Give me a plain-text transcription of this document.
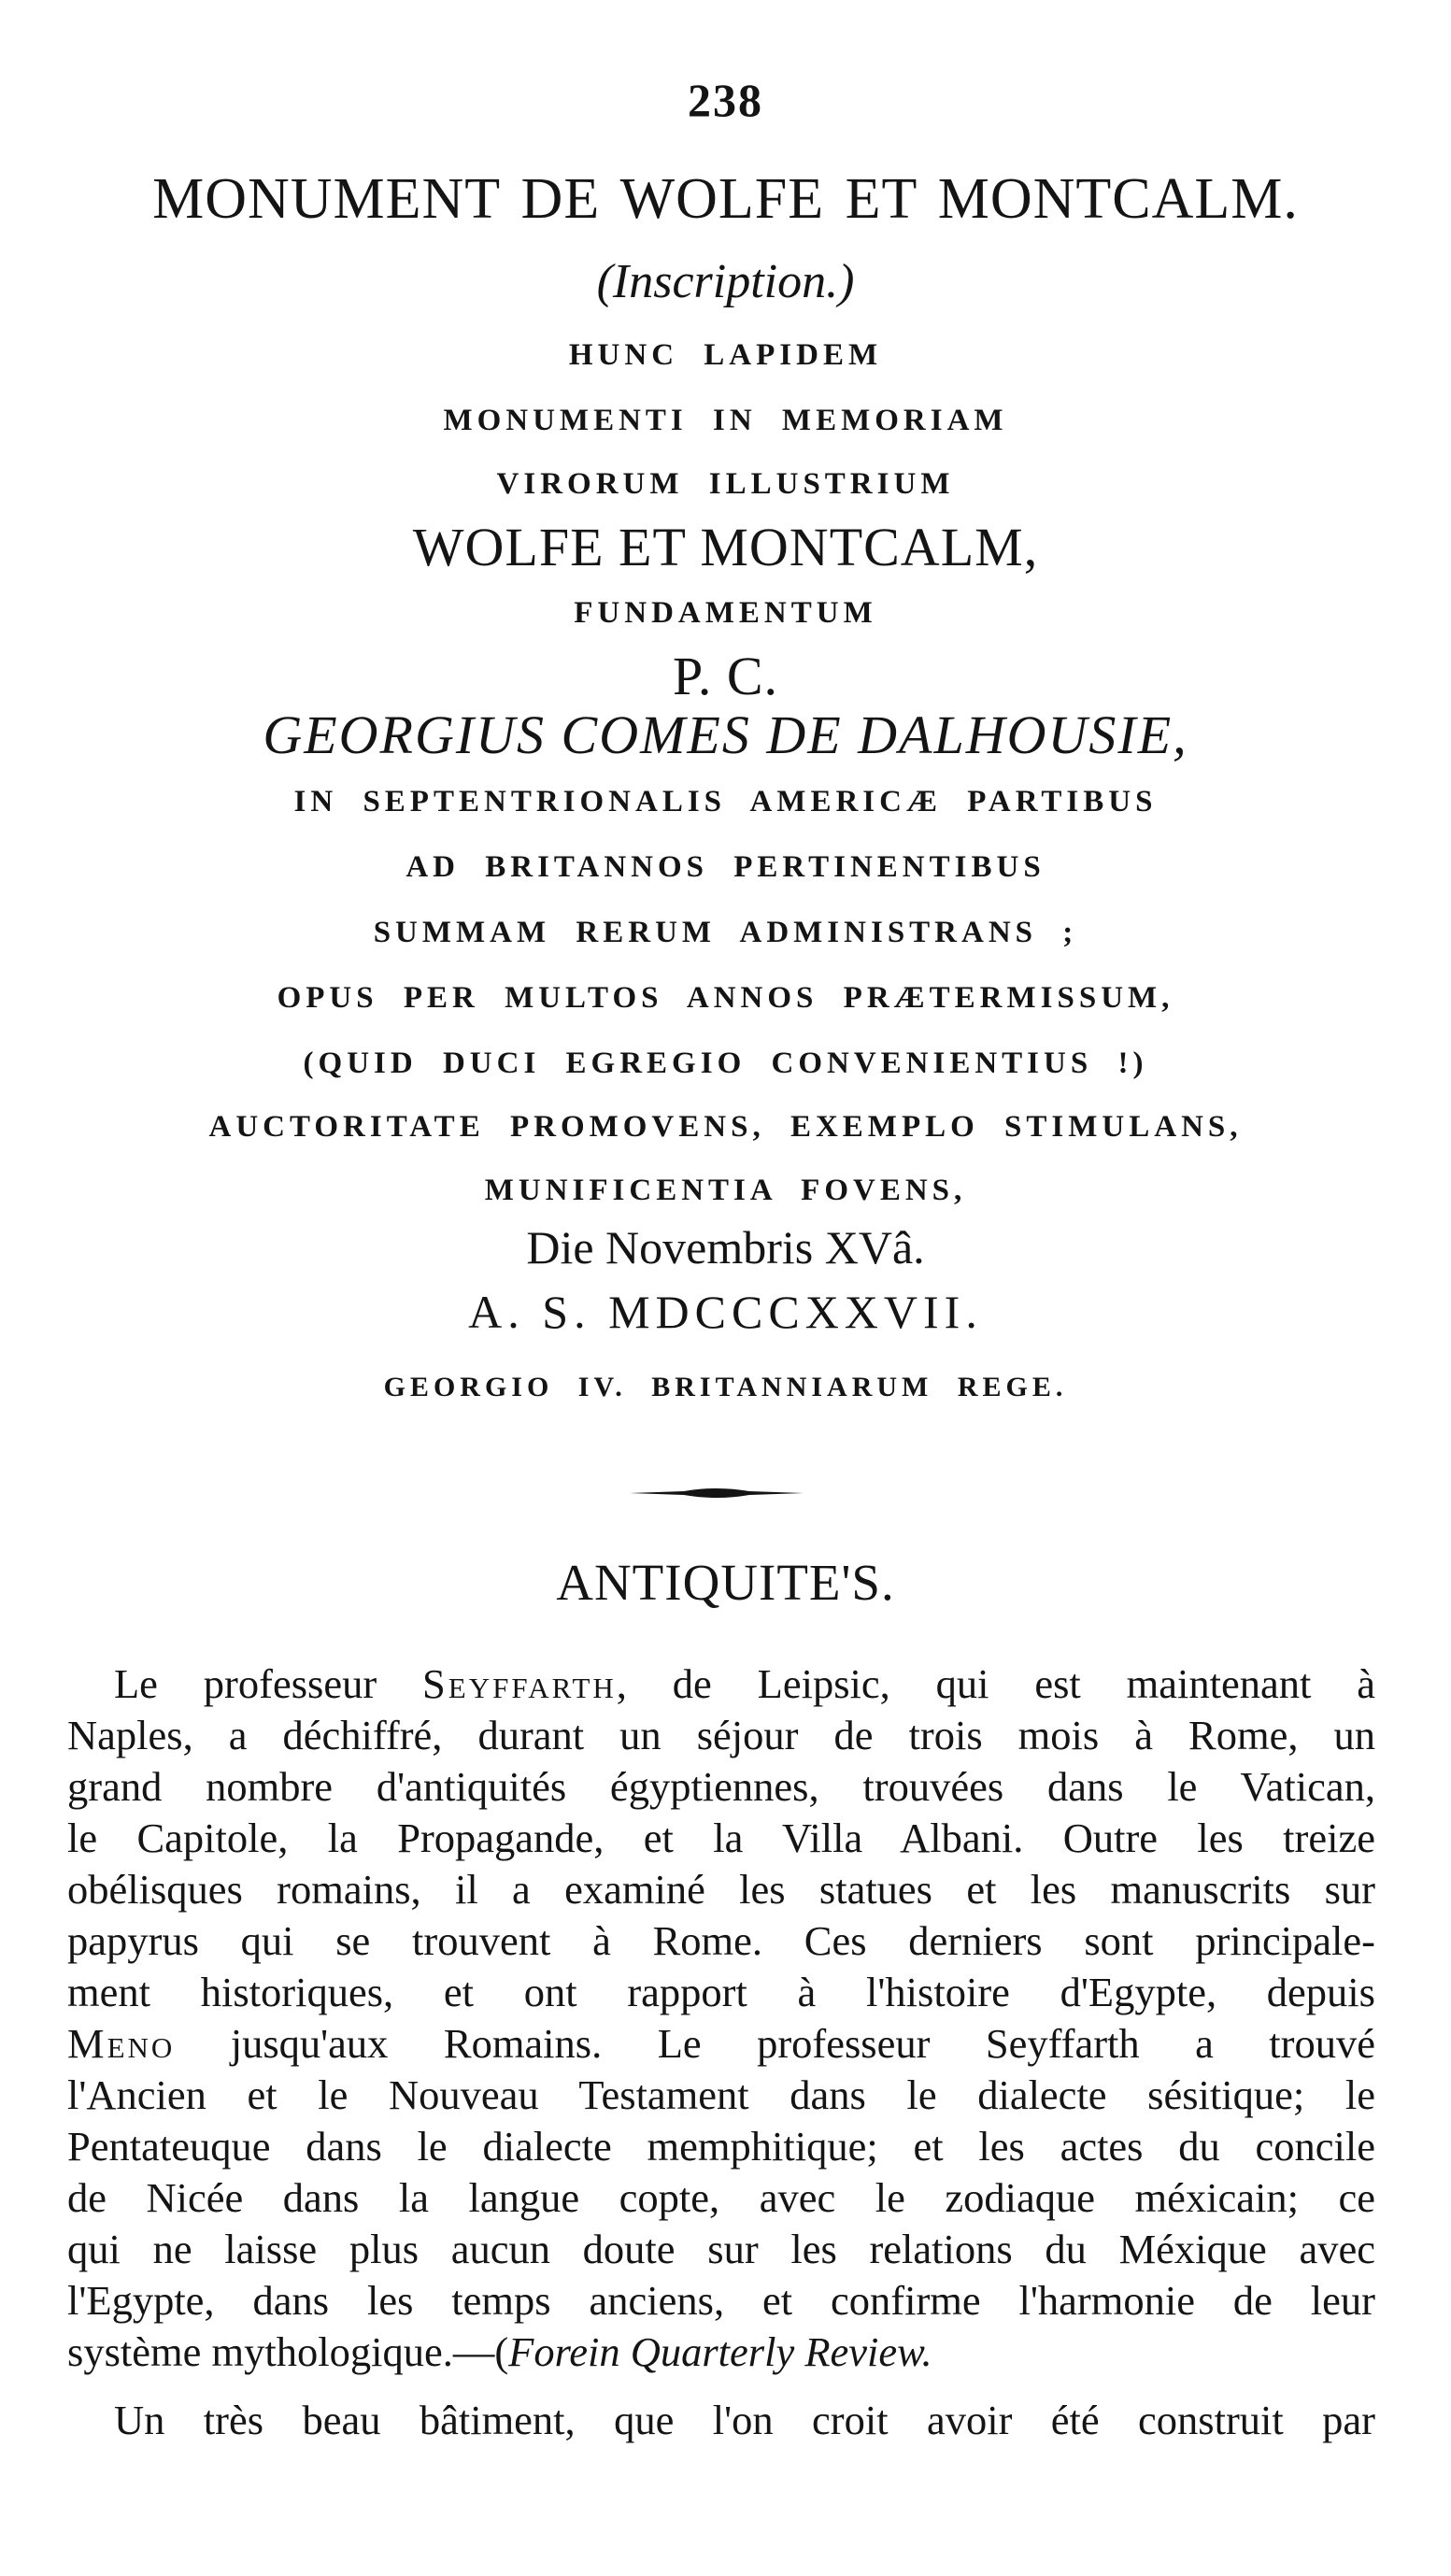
238
MONUMENT DE WOLFE ET MONTCALM.
(Inscription.)
HUNC LAPIDEM
MONUMENTI IN MEMORIAM
VIRORUM ILLUSTRIUM
WOLFE ET MONTCALM,
FUNDAMENTUM
P. C.
GEORGIUS COMES DE DALHOUSIE,
IN SEPTENTRIONALIS AMERICÆ PARTIBUS
AD BRITANNOS PERTINENTIBUS
SUMMAM RERUM ADMINISTRANS ;
OPUS PER MULTOS ANNOS PRÆTERMISSUM,
(QUID DUCI EGREGIO CONVENIENTIUS !)
AUCTORITATE PROMOVENS, EXEMPLO STIMULANS,
MUNIFICENTIA FOVENS,
Die Novembris XVâ.
A. S. MDCCCXXVII.
GEORGIO IV. BRITANNIARUM REGE.
ANTIQUITE'S.
Le professeur Seyffarth, de Leipsic, qui est maintenant à
Naples, a déchiffré, durant un séjour de trois mois à Rome, un
grand nombre d'antiquités égyptiennes, trouvées dans le Vatican,
le Capitole, la Propagande, et la Villa Albani. Outre les treize
obélisques romains, il a examiné les statues et les manuscrits sur
papyrus qui se trouvent à Rome. Ces derniers sont principale-
ment historiques, et ont rapport à l'histoire d'Egypte, depuis
Meno jusqu'aux Romains. Le professeur Seyffarth a trouvé
l'Ancien et le Nouveau Testament dans le dialecte sésitique; le
Pentateuque dans le dialecte memphitique; et les actes du concile
de Nicée dans la langue copte, avec le zodiaque méxicain; ce
qui ne laisse plus aucun doute sur les relations du Méxique avec
l'Egypte, dans les temps anciens, et confirme l'harmonie de leur
système mythologique.—(Forein Quarterly Review.
Un très beau bâtiment, que l'on croit avoir été construit par
